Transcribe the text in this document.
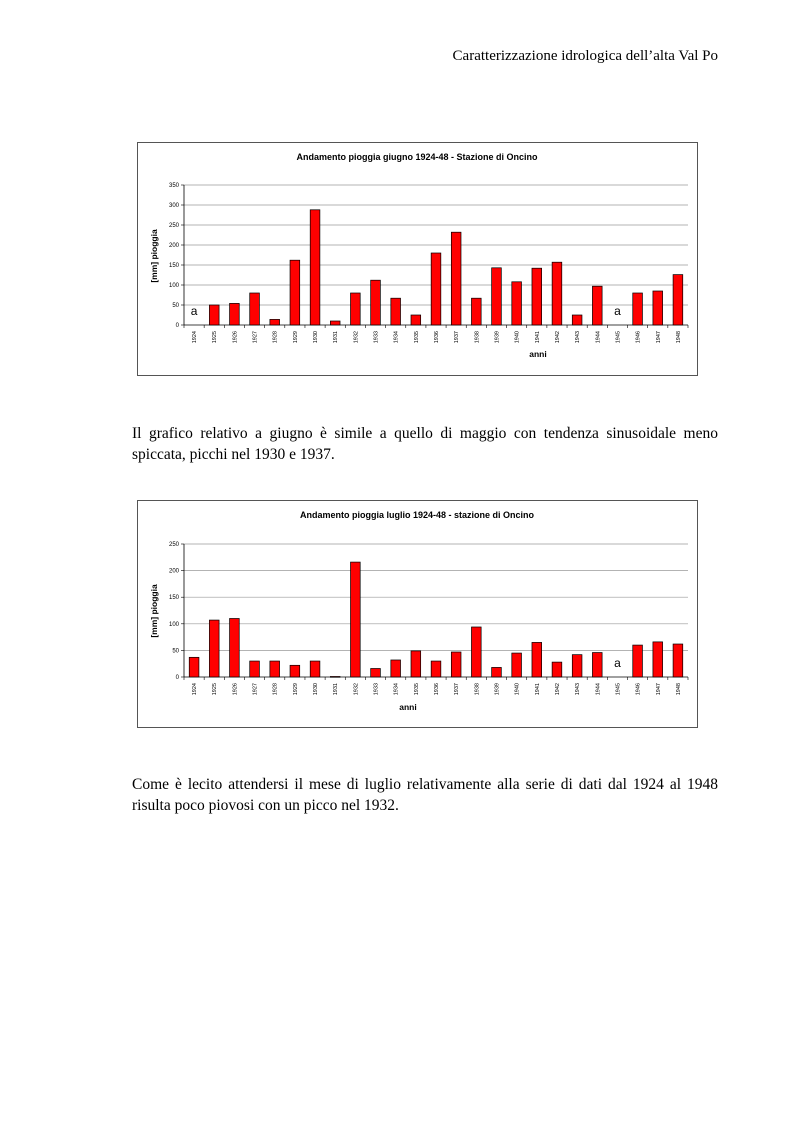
Caratterizzazione idrologica dell’alta Val Po
Andamento pioggia giugno 1924-48 - Stazione di Oncino
anni
[mm] pioggia
0
50
100
150
200
250
300
350
1924	1925	1926	1927	1928	1929	1930	1931	1932	1933	1934	1935	1936	1937	1938	1939	1940	1941	1942	1943	1944	1945	1946	1947	1948
a	a

Il grafico relativo a giugno è simile a quello di maggio con tendenza sinusoidale meno spiccata, picchi nel 1930 e 1937.

Andamento pioggia luglio 1924-48 - stazione di Oncino
anni
[mm] pioggia
0
50
100
150
200
250
1924	1925	1926	1927	1928	1929	1930	1931	1932	1933	1934	1935	1936	1937	1938	1939	1940	1941	1942	1943	1944	1945	1946	1947	1948
a

Come è lecito attendersi il mese di luglio relativamente alla serie di dati dal 1924 al 1948 risulta poco piovosi con un picco nel 1932.
